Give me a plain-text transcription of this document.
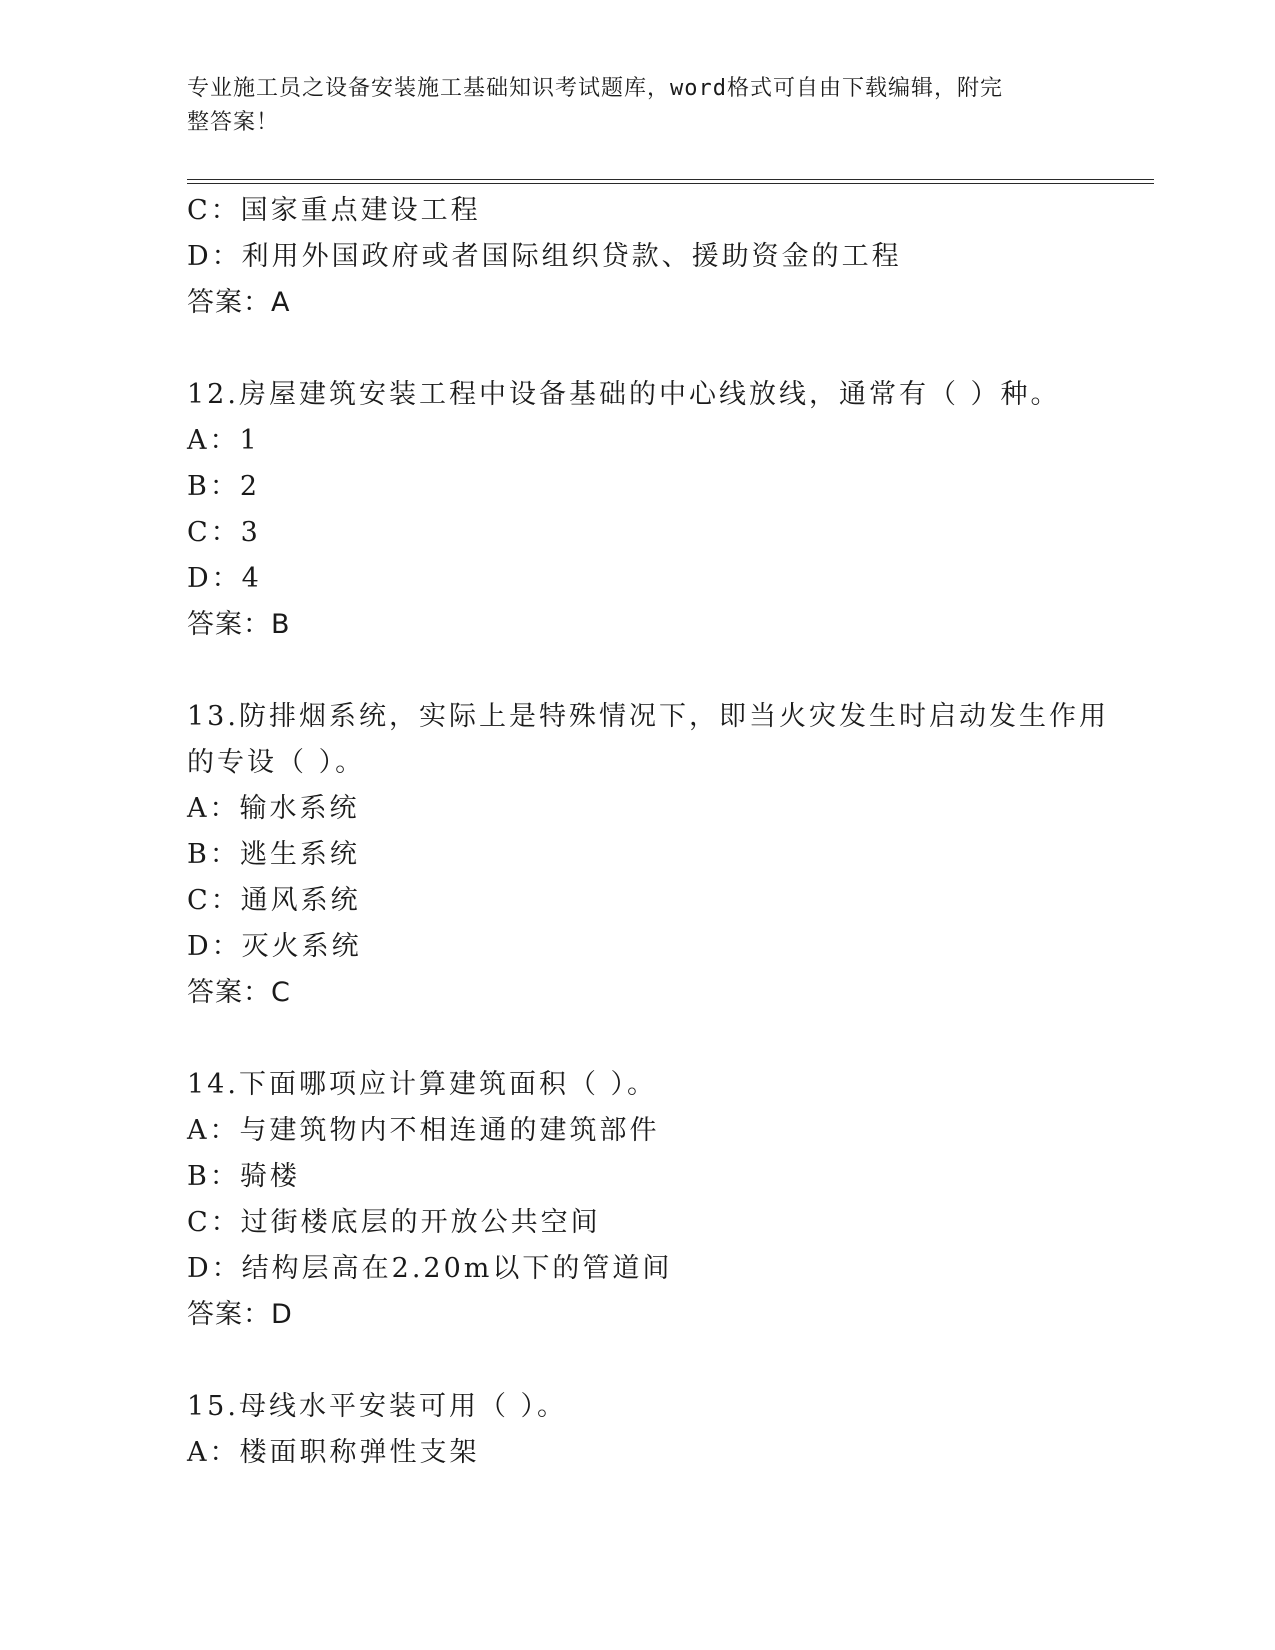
专业施工员之设备安装施工基础知识考试题库，word格式可自由下载编辑，附完
整答案！
C：国家重点建设工程
D：利用外国政府或者国际组织贷款、援助资金的工程
答案：A
12.房屋建筑安装工程中设备基础的中心线放线，通常有（ ）种。
A：1
B：2
C：3
D：4
答案：B
13.防排烟系统，实际上是特殊情况下，即当火灾发生时启动发生作用
的专设（ ）。
A：输水系统
B：逃生系统
C：通风系统
D：灭火系统
答案：C
14.下面哪项应计算建筑面积（ ）。
A：与建筑物内不相连通的建筑部件
B：骑楼
C：过街楼底层的开放公共空间
D：结构层高在2.20m以下的管道间
答案：D
15.母线水平安装可用（ ）。
A：楼面职称弹性支架
